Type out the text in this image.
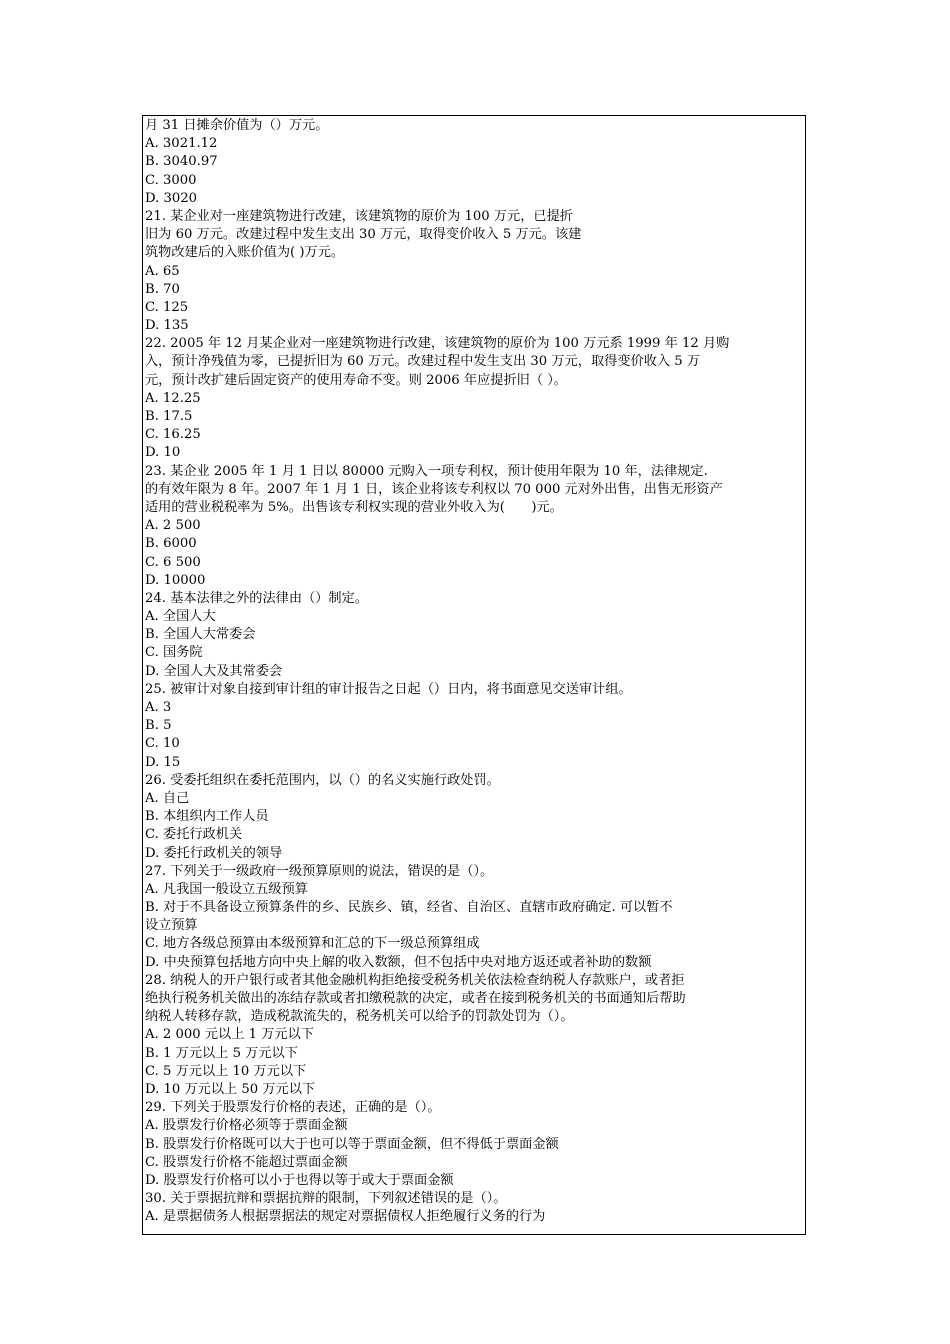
月 31 日摊余价值为（）万元。
A. 3021.12
B. 3040.97
C. 3000
D. 3020
21. 某企业对一座建筑物进行改建，该建筑物的原价为 100 万元，已提折
旧为 60 万元。改建过程中发生支出 30 万元，取得变价收入 5 万元。该建
筑物改建后的入账价值为( )万元。
A. 65
B. 70
C. 125
D. 135
22. 2005 年 12 月某企业对一座建筑物进行改建，该建筑物的原价为 100 万元系 1999 年 12 月购
入，预计净残值为零，已提折旧为 60 万元。改建过程中发生支出 30 万元，取得变价收入 5 万
元，预计改扩建后固定资产的使用寿命不变。则 2006 年应提折旧（ ）。
A. 12.25
B. 17.5
C. 16.25
D. 10
23. 某企业 2005 年 1 月 1 日以 80000 元购入一项专利权，预计使用年限为 10 年，法律规定.
的有效年限为 8 年。2007 年 1 月 1 日，该企业将该专利权以 70 000 元对外出售，出售无形资产
适用的营业税税率为 5%。出售该专利权实现的营业外收入为(　　)元。
A. 2 500
B. 6000
C. 6 500
D. 10000
24. 基本法律之外的法律由（）制定。
A. 全国人大
B. 全国人大常委会
C. 国务院
D. 全国人大及其常委会
25. 被审计对象自接到审计组的审计报告之日起（）日内，将书面意见交送审计组。
A. 3
B. 5
C. 10
D. 15
26. 受委托组织在委托范围内，以（）的名义实施行政处罚。
A. 自己
B. 本组织内工作人员
C. 委托行政机关
D. 委托行政机关的领导
27. 下列关于一级政府一级预算原则的说法，错误的是（）。
A. 凡我国一般设立五级预算
B. 对于不具备设立预算条件的乡、民族乡、镇，经省、自治区、直辖市政府确定. 可以暂不
设立预算
C. 地方各级总预算由本级预算和汇总的下一级总预算组成
D. 中央预算包括地方向中央上解的收入数额，但不包括中央对地方返还或者补助的数额
28. 纳税人的开户银行或者其他金融机构拒绝接受税务机关依法检查纳税人存款账户，或者拒
绝执行税务机关做出的冻结存款或者扣缴税款的决定，或者在接到税务机关的书面通知后帮助
纳税人转移存款，造成税款流失的，税务机关可以给予的罚款处罚为（）。
A. 2 000 元以上 1 万元以下
B. 1 万元以上 5 万元以下
C. 5 万元以上 10 万元以下
D. 10 万元以上 50 万元以下
29. 下列关于股票发行价格的表述，正确的是（）。
A. 股票发行价格必须等于票面金额
B. 股票发行价格既可以大于也可以等于票面金额，但不得低于票面金额
C. 股票发行价格不能超过票面金额
D. 股票发行价格可以小于也得以等于或大于票面金额
30. 关于票据抗辩和票据抗辩的限制，下列叙述错误的是（）。
A. 是票据债务人根据票据法的规定对票据债权人拒绝履行义务的行为
